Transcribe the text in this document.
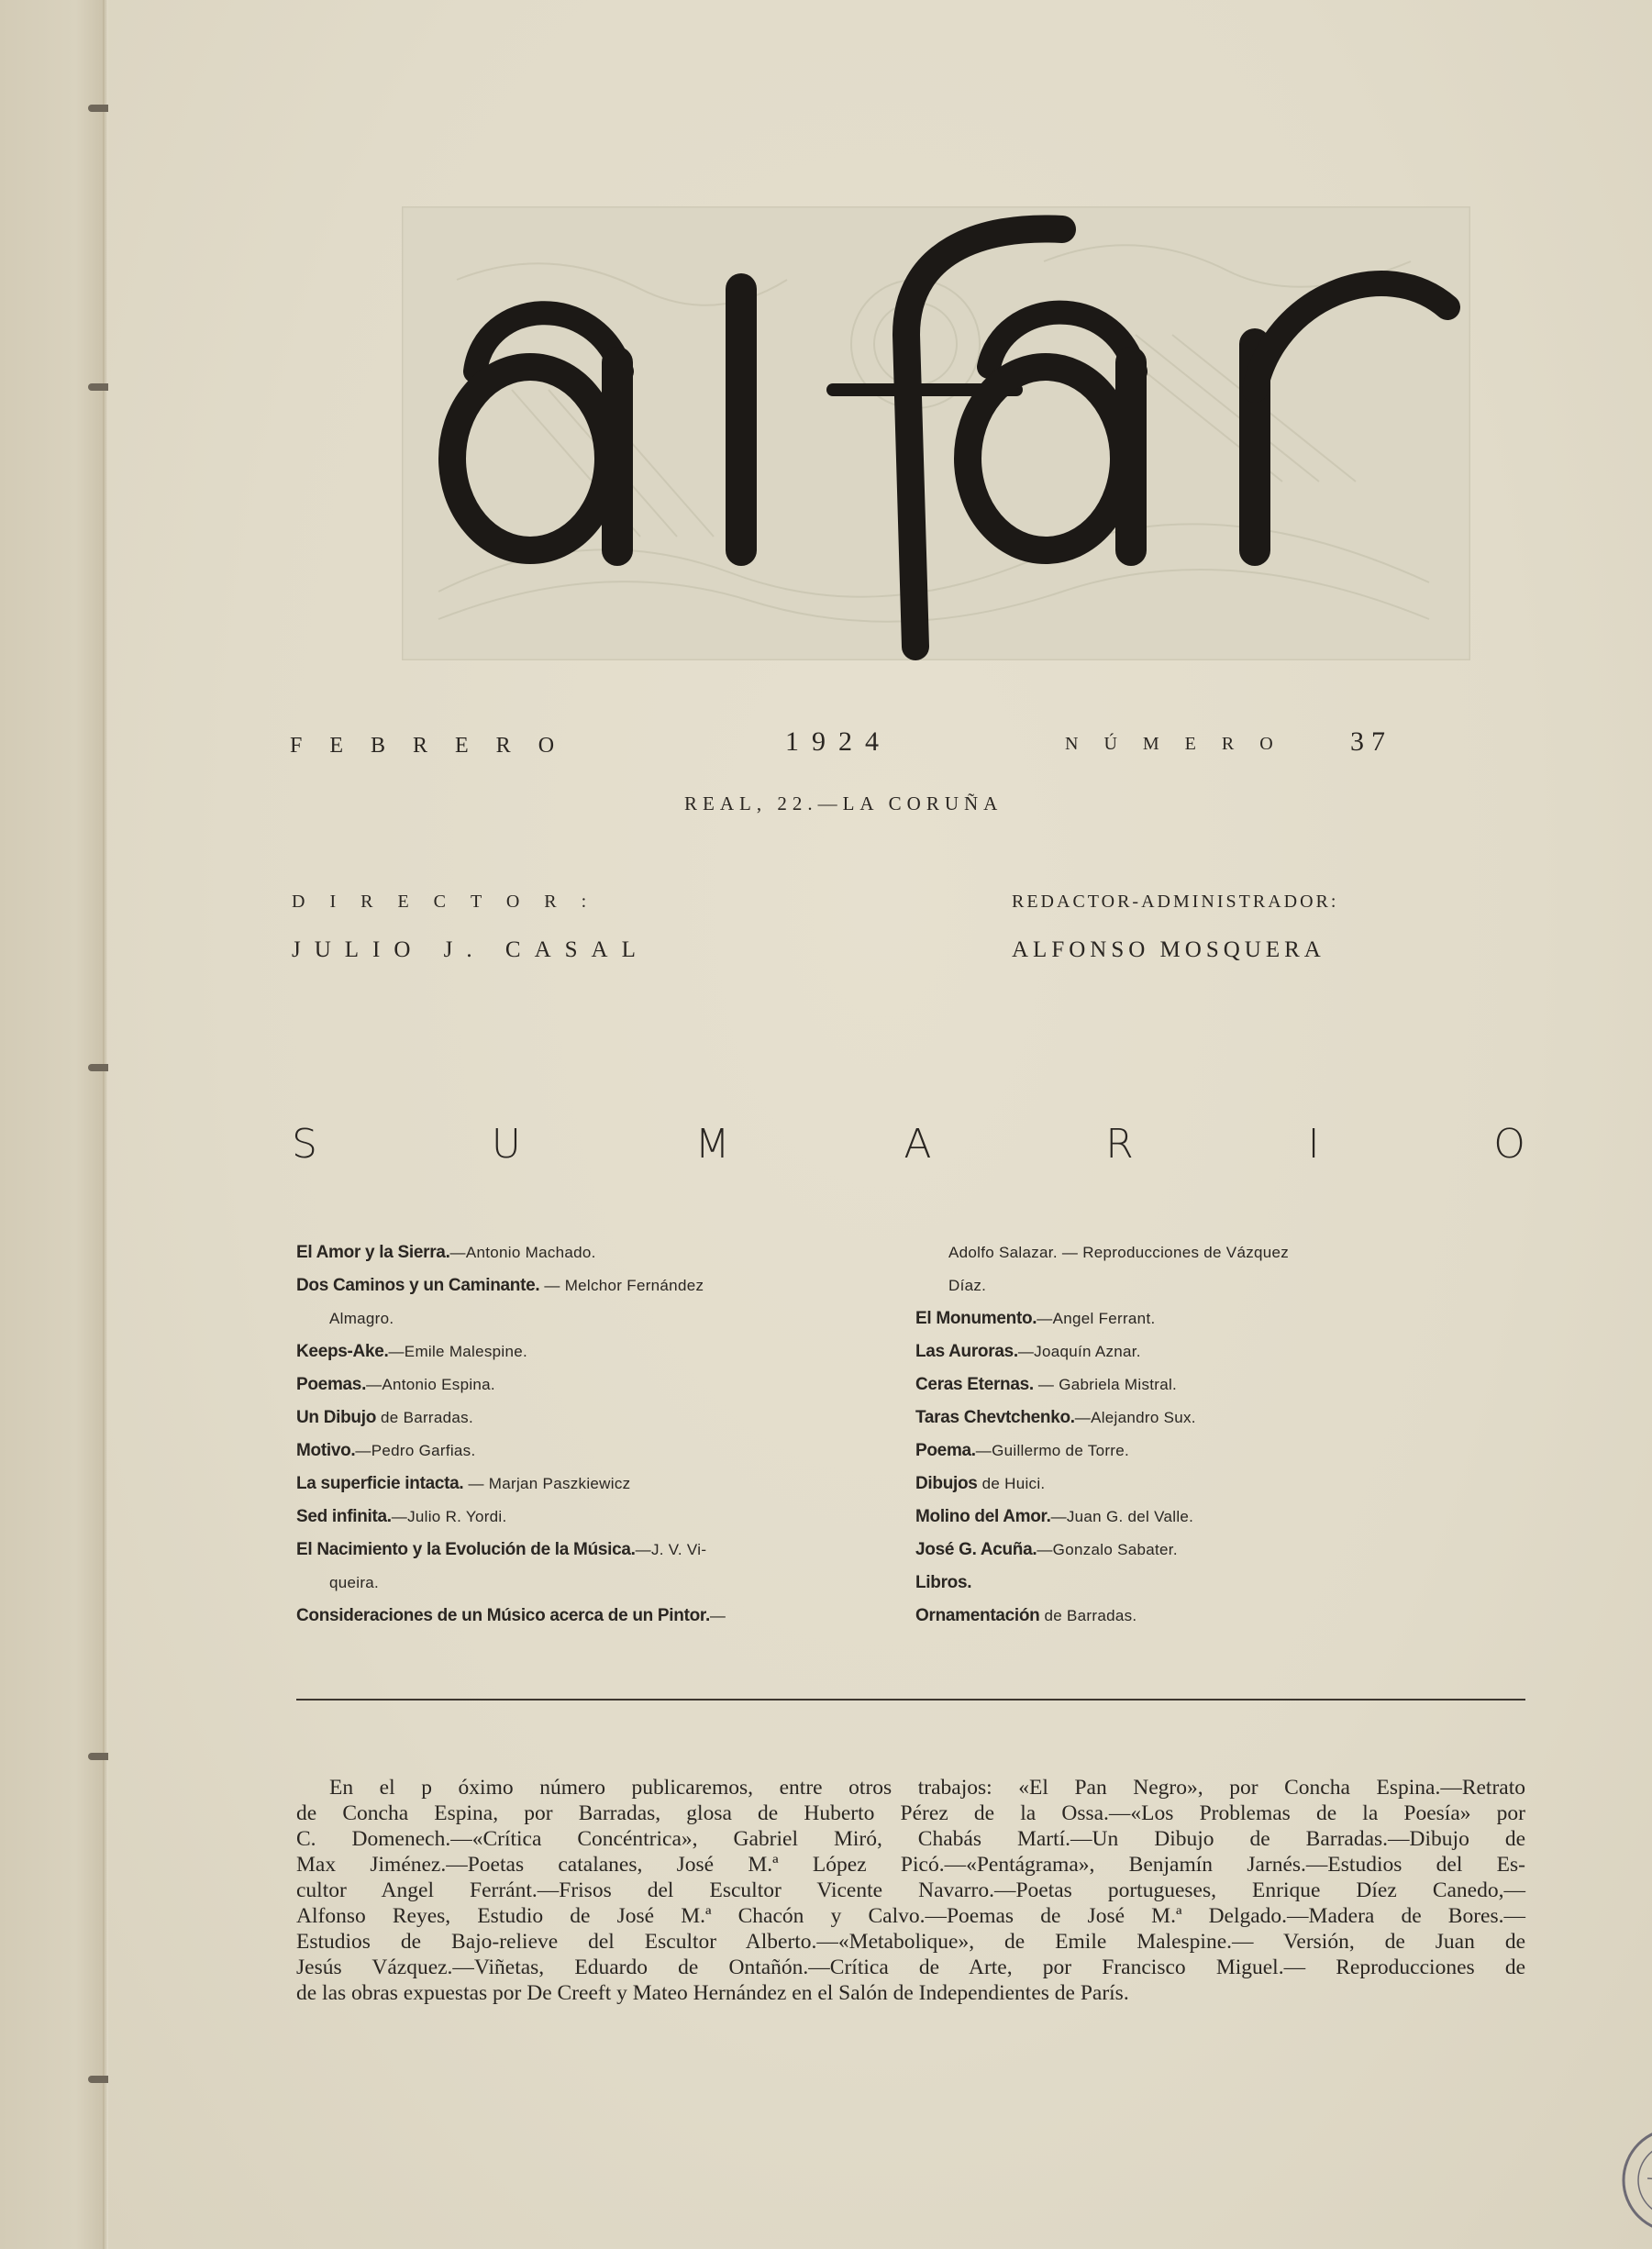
FEBRERO	1924	NÚMERO 37
REAL, 22.—LA CORUÑA
DIRECTOR:
JULIO J. CASAL
REDACTOR-ADMINISTRADOR:
ALFONSO MOSQUERA
S	U	M	A	R	I	O
El Amor y la Sierra.—Antonio Machado.
Dos Caminos y un Caminante. — Melchor Fernández
Almagro.
Keeps-Ake.—Emile Malespine.
Poemas.—Antonio Espina.
Un Dibujo de Barradas.
Motivo.—Pedro Garfias.
La superficie intacta. — Marjan Paszkiewicz
Sed infinita.—Julio R. Yordi.
El Nacimiento y la Evolución de la Música.—J. V. Vi-
queira.
Consideraciones de un Músico acerca de un Pintor.—
Adolfo Salazar. — Reproducciones de Vázquez
Díaz.
El Monumento.—Angel Ferrant.
Las Auroras.—Joaquín Aznar.
Ceras Eternas. — Gabriela Mistral.
Taras Chevtchenko.—Alejandro Sux.
Poema.—Guillermo de Torre.
Dibujos de Huici.
Molino del Amor.—Juan G. del Valle.
José G. Acuña.—Gonzalo Sabater.
Libros.
Ornamentación de Barradas.
En el p óximo número publicaremos, entre otros trabajos: «El Pan Negro», por Concha Espina.—Retrato
de Concha Espina, por Barradas, glosa de Huberto Pérez de la Ossa.—«Los Problemas de la Poesía» por
C. Domenech.—«Crítica Concéntrica», Gabriel Miró, Chabás Martí.—Un Dibujo de Barradas.—Dibujo de
Max Jiménez.—Poetas catalanes, José M.ª López Picó.—«Pentágrama», Benjamín Jarnés.—Estudios del Es-
cultor Angel Ferránt.—Frisos del Escultor Vicente Navarro.—Poetas portugueses, Enrique Díez Canedo,—
Alfonso Reyes, Estudio de José M.ª Chacón y Calvo.—Poemas de José M.ª Delgado.—Madera de Bores.—
Estudios de Bajo-relieve del Escultor Alberto.—«Metabolique», de Emile Malespine.— Versión, de Juan de
Jesús Vázquez.—Viñetas, Eduardo de Ontañón.—Crítica de Arte, por Francisco Miguel.— Reproducciones de
de las obras expuestas por De Creeft y Mateo Hernández en el Salón de Independientes de París.
